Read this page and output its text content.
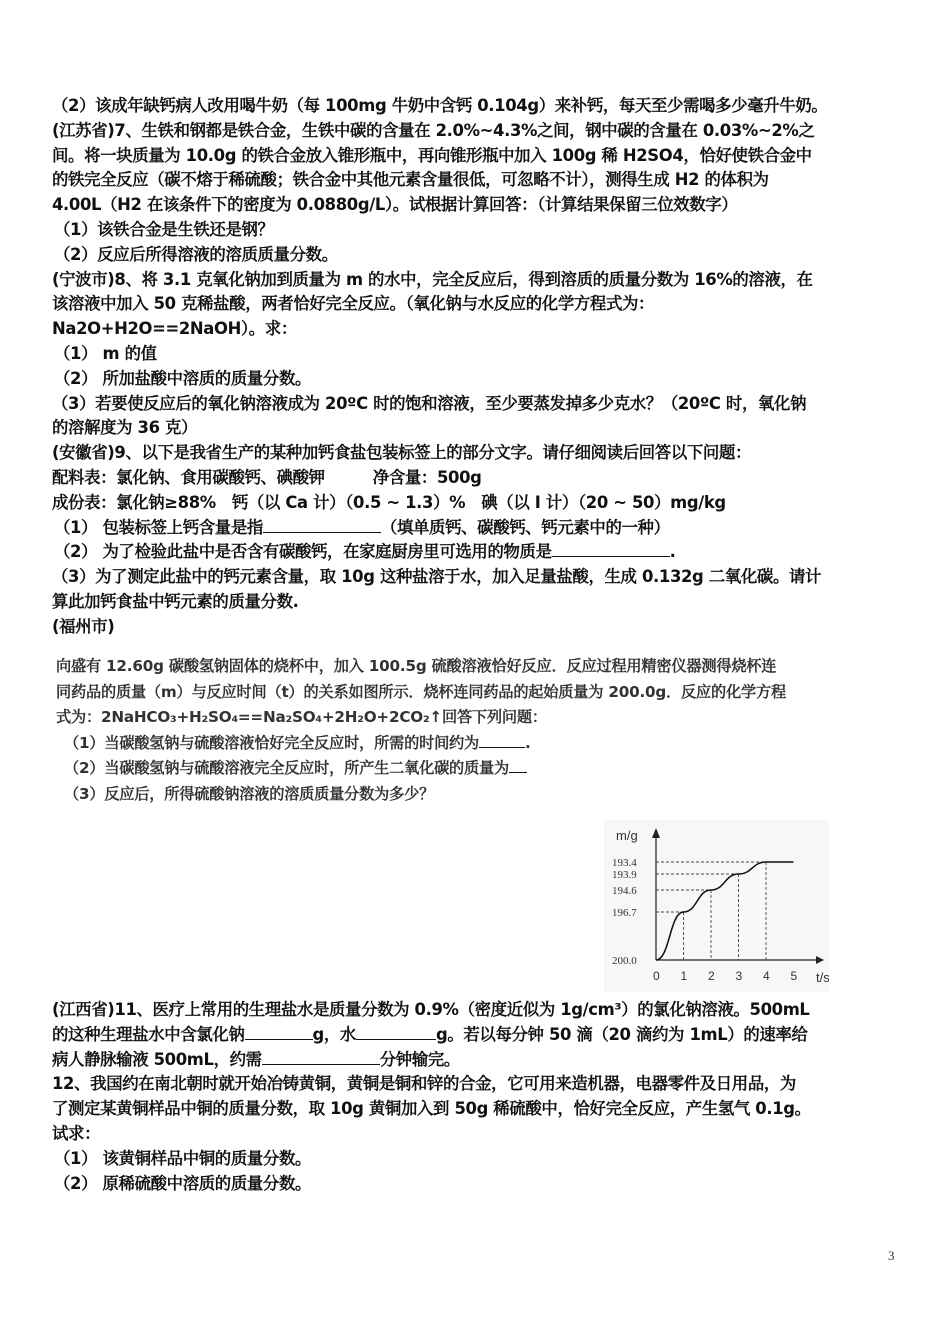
（2）该成年缺钙病人改用喝牛奶（每 100mg 牛奶中含钙 0.104g）来补钙，每天至少需喝多少毫升牛奶。
(江苏省)7、生铁和钢都是铁合金，生铁中碳的含量在 2.0%~4.3%之间，钢中碳的含量在 0.03%~2%之
间。将一块质量为 10.0g 的铁合金放入锥形瓶中，再向锥形瓶中加入 100g 稀 H2SO4，恰好使铁合金中
的铁完全反应（碳不熔于稀硫酸；铁合金中其他元素含量很低，可忽略不计），测得生成 H2 的体积为
4.00L（H2 在该条件下的密度为 0.0880g/L）。试根据计算回答：（计算结果保留三位效数字）
（1）该铁合金是生铁还是钢？
（2）反应后所得溶液的溶质质量分数。
(宁波市)8、将 3.1 克氧化钠加到质量为 m 的水中，完全反应后，得到溶质的质量分数为 16%的溶液，在
该溶液中加入 50 克稀盐酸，两者恰好完全反应。（氧化钠与水反应的化学方程式为：
Na2O+H2O==2NaOH）。求：
（1） m 的值
（2） 所加盐酸中溶质的质量分数。
（3）若要使反应后的氧化钠溶液成为 20ºC 时的饱和溶液，至少要蒸发掉多少克水？（20ºC 时，氧化钠
的溶解度为 36 克）
(安徽省)9、以下是我省生产的某种加钙食盐包装标签上的部分文字。请仔细阅读后回答以下问题：
配料表：氯化钠、食用碳酸钙、碘酸钾　　　净含量：500g
成份表：氯化钠≥88%　钙（以 Ca 计）（0.5 ~ 1.3）%　碘（以 I 计）（20 ~ 50）mg/kg
（1） 包装标签上钙含量是指	（填单质钙、碳酸钙、钙元素中的一种）
（2） 为了检验此盐中是否含有碳酸钙，在家庭厨房里可选用的物质是	.
（3）为了测定此盐中的钙元素含量，取 10g 这种盐溶于水，加入足量盐酸，生成 0.132g 二氧化碳。请计
算此加钙食盐中钙元素的质量分数.
(福州市)
向盛有 12.60g 碳酸氢钠固体的烧杯中，加入 100.5g 硫酸溶液恰好反应．反应过程用精密仪器测得烧杯连
同药品的质量（m）与反应时间（t）的关系如图所示．烧杯连同药品的起始质量为 200.0g．反应的化学方程
式为：2NaHCO₃+H₂SO₄==Na₂SO₄+2H₂O+2CO₂↑回答下列问题：
（1）当碳酸氢钠与硫酸溶液恰好完全反应时，所需的时间约为	.
（2）当碳酸氢钠与硫酸溶液完全反应时，所产生二氧化碳的质量为
（3）反应后，所得硫酸钠溶液的溶质质量分数为多少？
m/g
t/s
193.4
193.9
194.6
196.7
200.0
0 1 2 3 4 5
(江西省)11、医疗上常用的生理盐水是质量分数为 0.9%（密度近似为 1g/cm³）的氯化钠溶液。500mL
的这种生理盐水中含氯化钠	g，水	g。若以每分钟 50 滴（20 滴约为 1mL）的速率给
病人静脉输液 500mL，约需	分钟输完。
12、我国约在南北朝时就开始冶铸黄铜，黄铜是铜和锌的合金，它可用来造机器，电器零件及日用品，为
了测定某黄铜样品中铜的质量分数，取 10g 黄铜加入到 50g 稀硫酸中，恰好完全反应，产生氢气 0.1g。
试求：
（1） 该黄铜样品中铜的质量分数。
（2） 原稀硫酸中溶质的质量分数。
3
